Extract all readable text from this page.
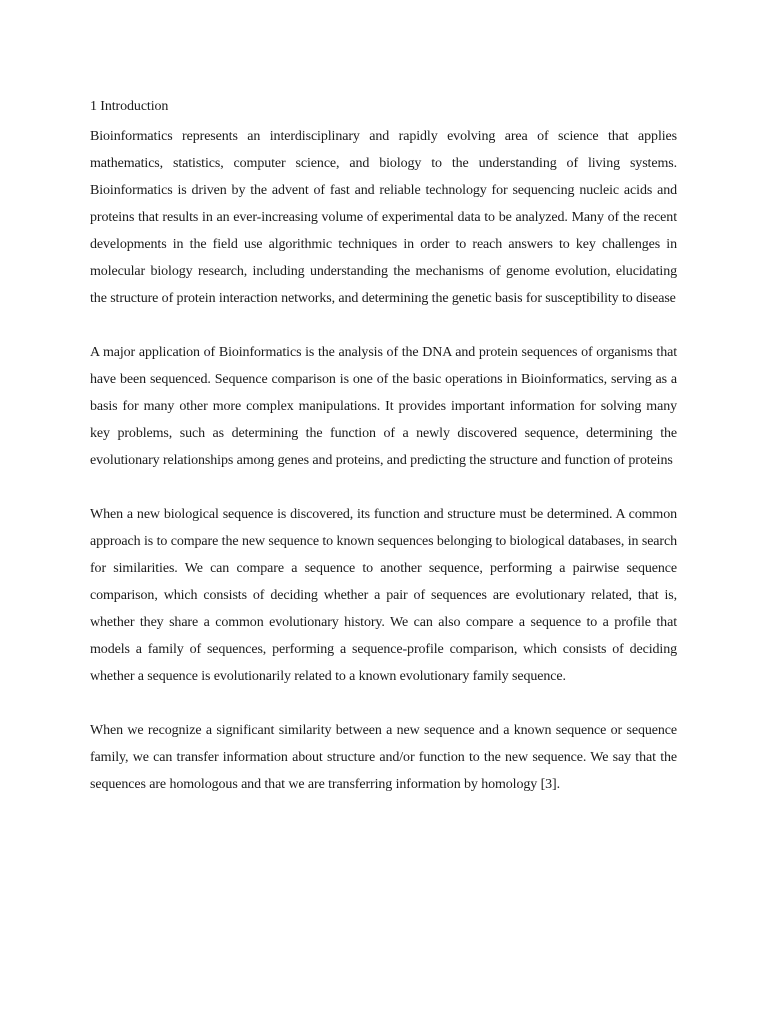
1 Introduction

Bioinformatics represents an interdisciplinary and rapidly evolving area of science that applies mathematics, statistics, computer science, and biology to the understanding of living systems. Bioinformatics is driven by the advent of fast and reliable technology for sequencing nucleic acids and proteins that results in an ever-increasing volume of experimental data to be analyzed. Many of the recent developments in the field use algorithmic techniques in order to reach answers to key challenges in molecular biology research, including understanding the mechanisms of genome evolution, elucidating the structure of protein interaction networks, and determining the genetic basis for susceptibility to disease

A major application of Bioinformatics is the analysis of the DNA and protein sequences of organisms that have been sequenced. Sequence comparison is one of the basic operations in Bioinformatics, serving as a basis for many other more complex manipulations. It provides important information for solving many key problems, such as determining the function of a newly discovered sequence, determining the evolutionary relationships among genes and proteins, and predicting the structure and function of proteins

When a new biological sequence is discovered, its function and structure must be determined. A common approach is to compare the new sequence to known sequences belonging to biological databases, in search for similarities. We can compare a sequence to another sequence, performing a pairwise sequence comparison, which consists of deciding whether a pair of sequences are evolutionary related, that is, whether they share a common evolutionary history. We can also compare a sequence to a profile that models a family of sequences, performing a sequence-profile comparison, which consists of deciding whether a sequence is evolutionarily related to a known evolutionary family sequence.

When we recognize a significant similarity between a new sequence and a known sequence or sequence family, we can transfer information about structure and/or function to the new sequence. We say that the sequences are homologous and that we are transferring information by homology [3].
